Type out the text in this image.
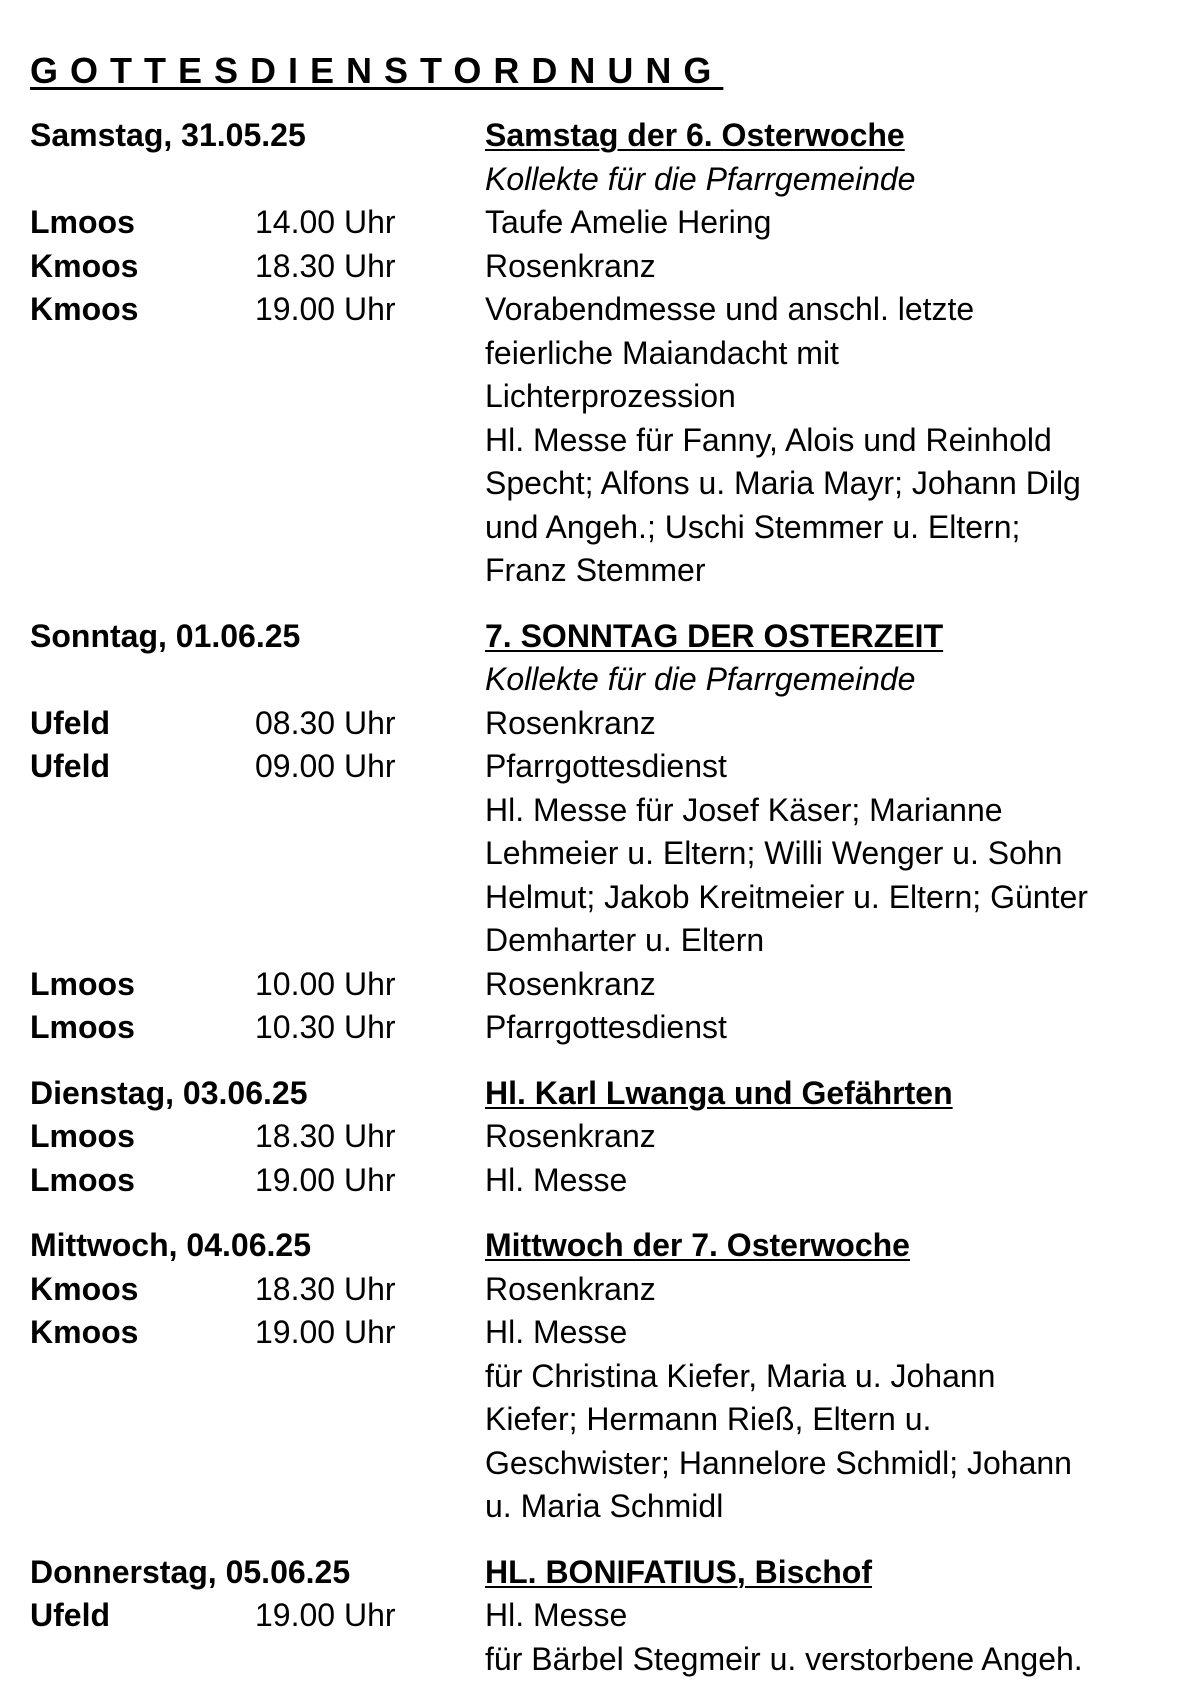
GOTTESDIENSTORDNUNG
Samstag, 31.05.25	Samstag der 6. Osterwoche
Kollekte für die Pfarrgemeinde
Lmoos	14.00 Uhr	Taufe Amelie Hering
Kmoos	18.30 Uhr	Rosenkranz
Kmoos	19.00 Uhr	Vorabendmesse und anschl. letzte
feierliche Maiandacht mit
Lichterprozession
Hl. Messe für Fanny, Alois und Reinhold
Specht; Alfons u. Maria Mayr; Johann Dilg
und Angeh.; Uschi Stemmer u. Eltern;
Franz Stemmer
Sonntag, 01.06.25	7. SONNTAG DER OSTERZEIT
Kollekte für die Pfarrgemeinde
Ufeld	08.30 Uhr	Rosenkranz
Ufeld	09.00 Uhr	Pfarrgottesdienst
Hl. Messe für Josef Käser; Marianne
Lehmeier u. Eltern; Willi Wenger u. Sohn
Helmut; Jakob Kreitmeier u. Eltern; Günter
Demharter u. Eltern
Lmoos	10.00 Uhr	Rosenkranz
Lmoos	10.30 Uhr	Pfarrgottesdienst
Dienstag, 03.06.25	Hl. Karl Lwanga und Gefährten
Lmoos	18.30 Uhr	Rosenkranz
Lmoos	19.00 Uhr	Hl. Messe
Mittwoch, 04.06.25	Mittwoch der 7. Osterwoche
Kmoos	18.30 Uhr	Rosenkranz
Kmoos	19.00 Uhr	Hl. Messe
für Christina Kiefer, Maria u. Johann
Kiefer; Hermann Rieß, Eltern u.
Geschwister; Hannelore Schmidl; Johann
u. Maria Schmidl
Donnerstag, 05.06.25	HL. BONIFATIUS, Bischof
Ufeld	19.00 Uhr	Hl. Messe
für Bärbel Stegmeir u. verstorbene Angeh.
